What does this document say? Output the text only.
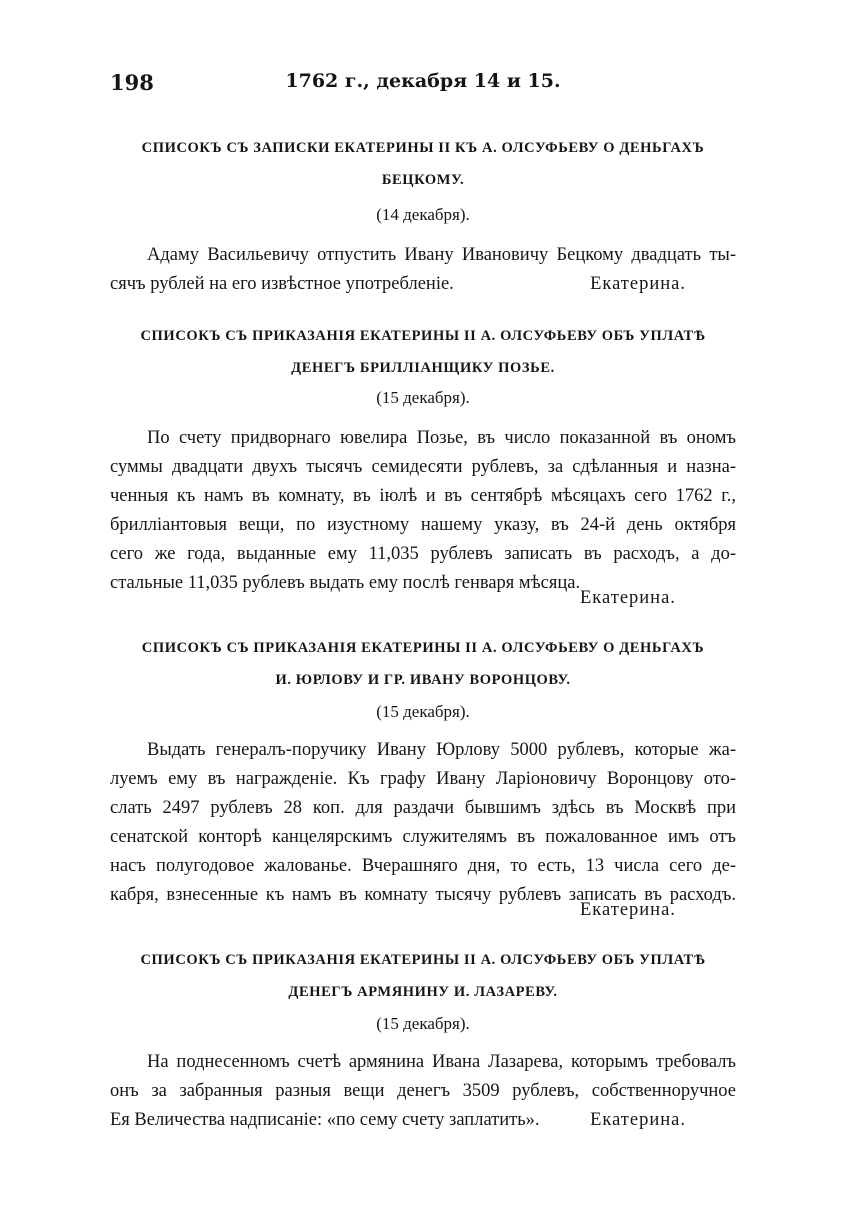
198	1762 г., декабря 14 и 15.
СПИСОКЪ СЪ ЗАПИСКИ ЕКАТЕРИНЫ II КЪ А. ОЛСУФЬЕВУ О ДЕНЬГАХЪ
БЕЦКОМУ.
(14 декабря).
Адаму Васильевичу отпустить Ивану Ивановичу Бецкому двадцать ты-
сячъ рублей на его извѣстное употребленіе.	Екатерина.
СПИСОКЪ СЪ ПРИКАЗАНІЯ ЕКАТЕРИНЫ II А. ОЛСУФЬЕВУ ОБЪ УПЛАТѢ
ДЕНЕГЪ БРИЛЛІАНЩИКУ ПОЗЬЕ.
(15 декабря).
По счету придворнаго ювелира Позье, въ число показанной въ ономъ
суммы двадцати двухъ тысячъ семидесяти рублевъ, за сдѣланныя и назна-
ченныя къ намъ въ комнату, въ іюлѣ и въ сентябрѣ мѣсяцахъ сего 1762 г.,
бриллiантовыя вещи, по изустному нашему указу, въ 24-й день октября
сего же года, выданные ему 11,035 рублевъ записать въ расходъ, а до-
стальные 11,035 рублевъ выдать ему послѣ генваря мѣсяца.
Екатерина.
СПИСОКЪ СЪ ПРИКАЗАНІЯ ЕКАТЕРИНЫ II А. ОЛСУФЬЕВУ О ДЕНЬГАХЪ
И. ЮРЛОВУ И ГР. ИВАНУ ВОРОНЦОВУ.
(15 декабря).
Выдать генералъ-поручику Ивану Юрлову 5000 рублевъ, которые жа-
луемъ ему въ награжденіе. Къ графу Ивану Ларіоновичу Воронцову ото-
слать 2497 рублевъ 28 коп. для раздачи бывшимъ здѣсь въ Москвѣ при
сенатской конторѣ канцелярскимъ служителямъ въ пожалованное имъ отъ
насъ полугодовое жалованье. Вчерашняго дня, то есть, 13 числа сего де-
кабря, взнесенные къ намъ въ комнату тысячу рублевъ записать въ расходъ.
Екатерина.
СПИСОКЪ СЪ ПРИКАЗАНІЯ ЕКАТЕРИНЫ II А. ОЛСУФЬЕВУ ОБЪ УПЛАТѢ
ДЕНЕГЪ АРМЯНИНУ И. ЛАЗАРЕВУ.
(15 декабря).
На поднесенномъ счетѣ армянина Ивана Лазарева, которымъ требовалъ
онъ за забранныя разныя вещи денегъ 3509 рублевъ, собственноручное
Ея Величества надписаніе: «по сему счету заплатить».	Екатерина.
